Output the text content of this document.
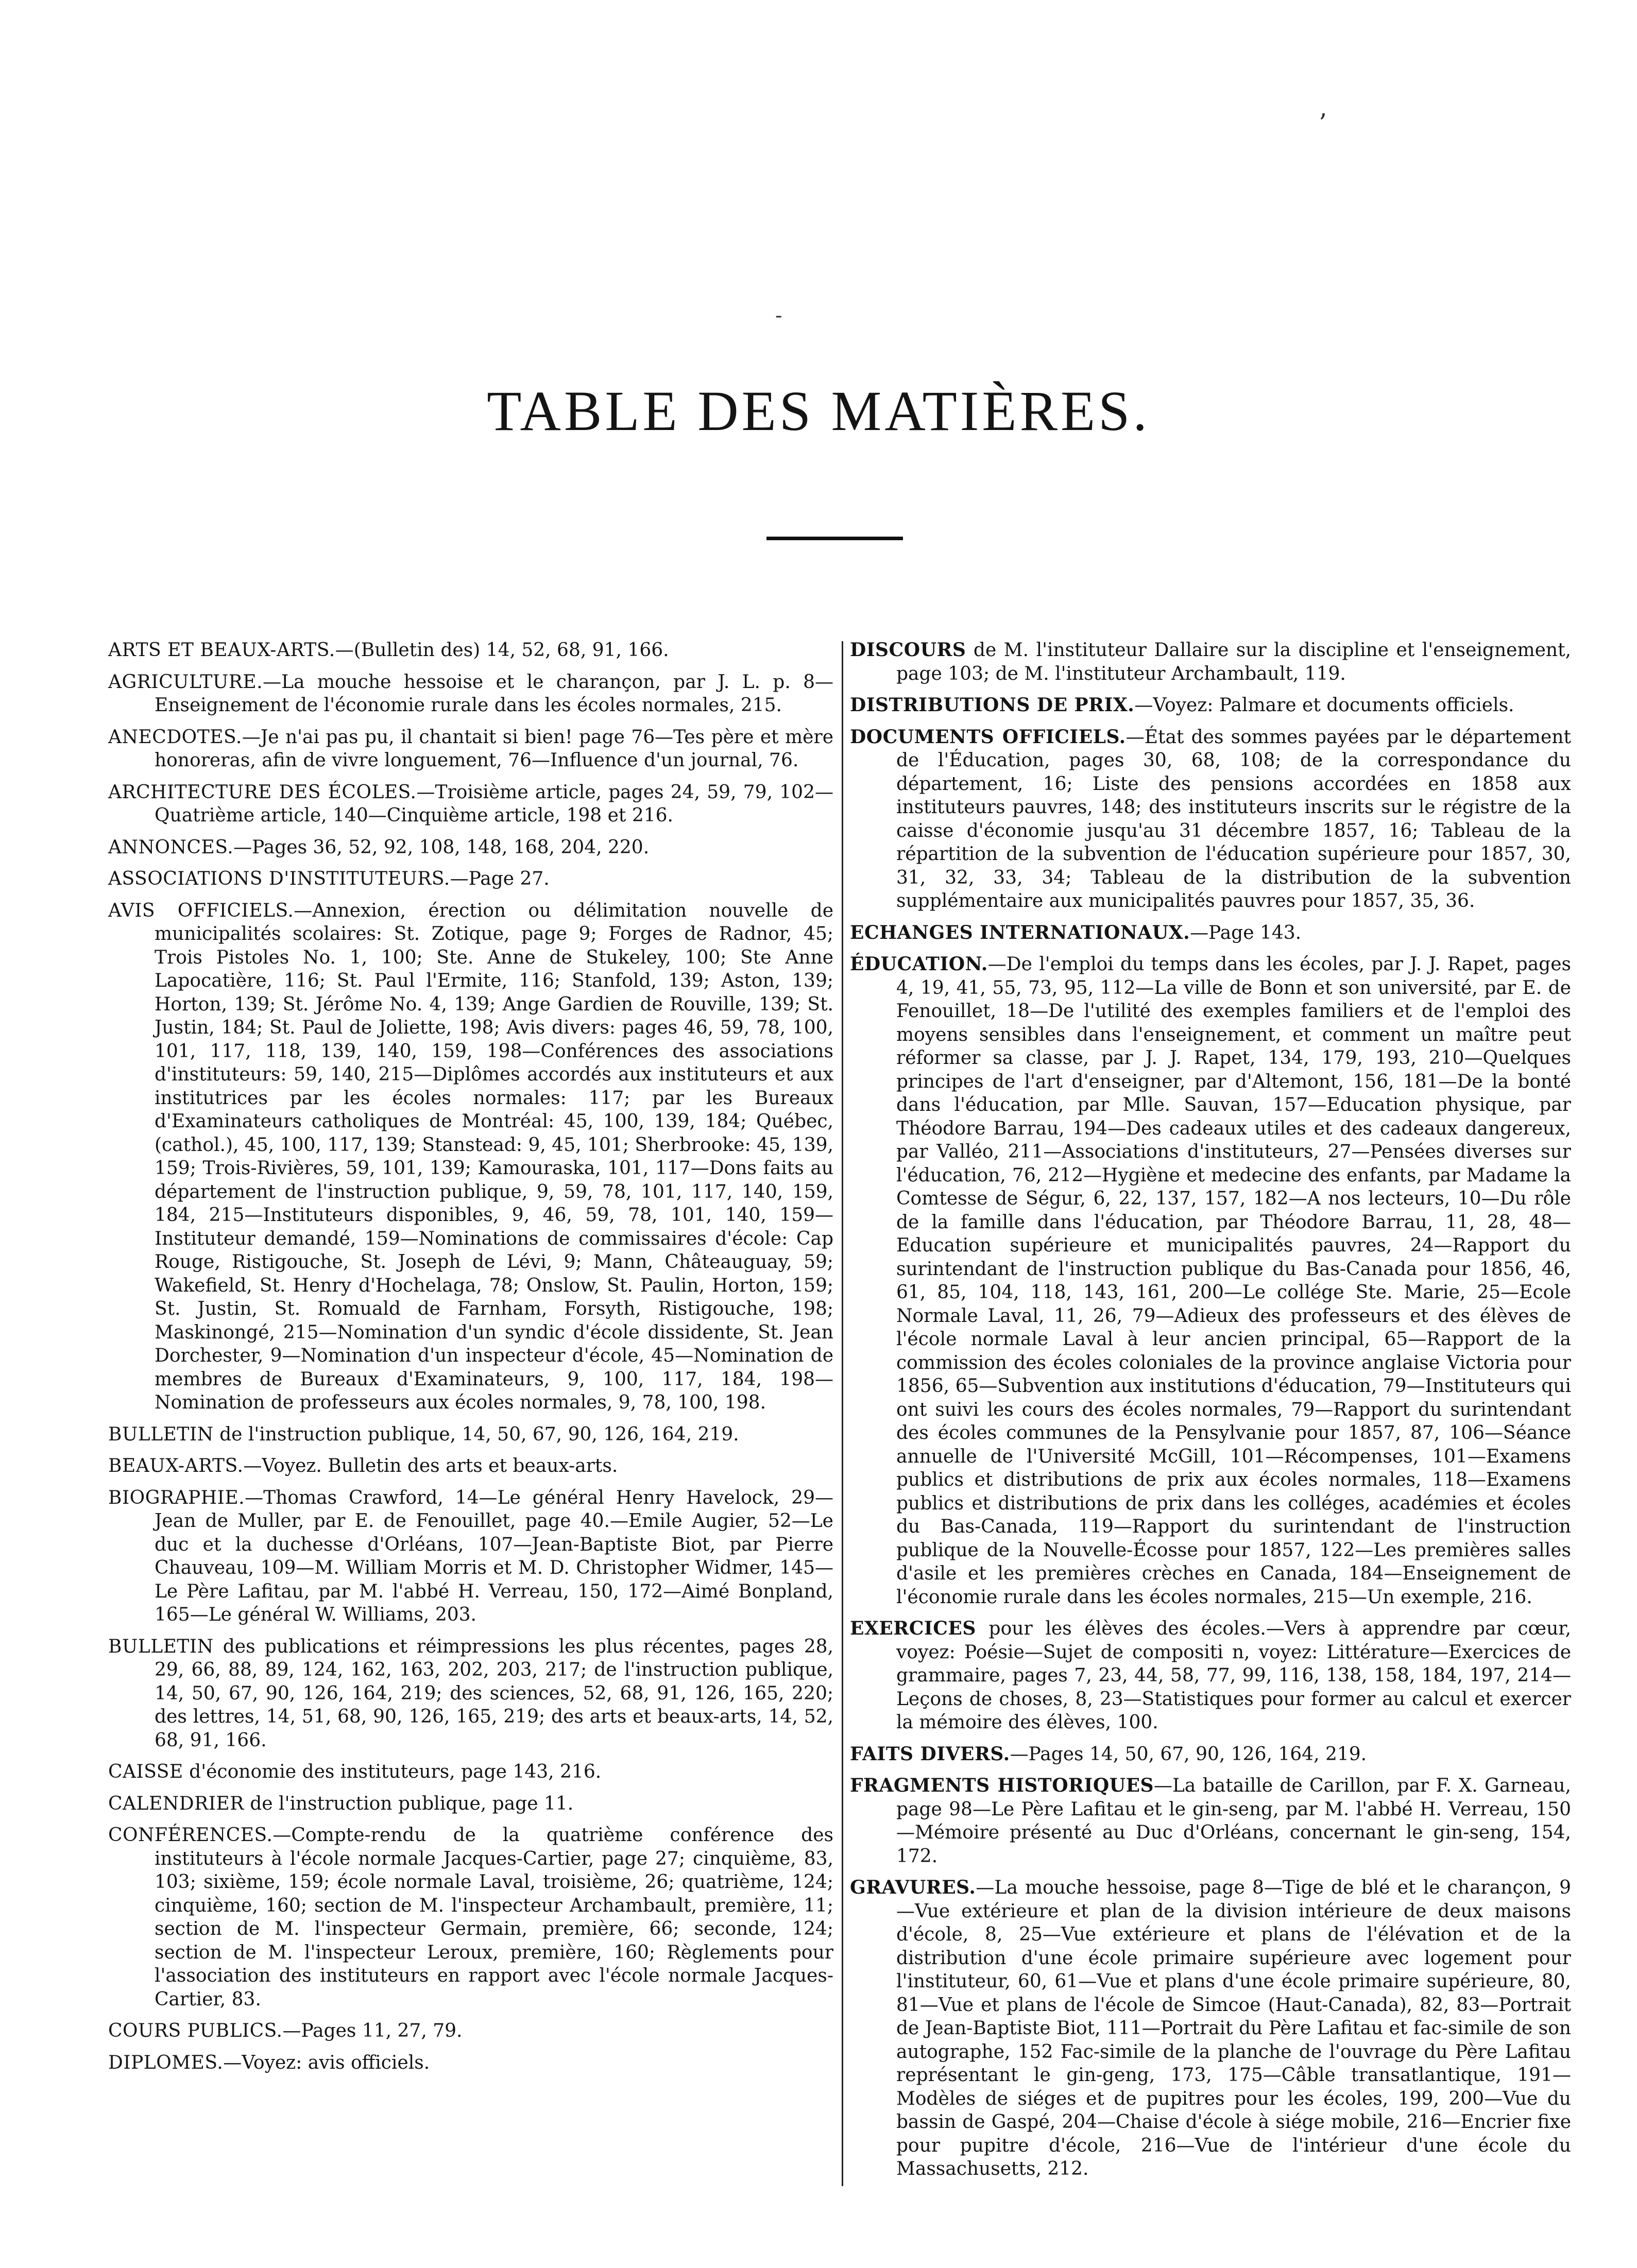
’
‐
TABLE DES MATIÈRES.

ARTS ET BEAUX-ARTS.—(Bulletin des) 14, 52, 68, 91, 166.

AGRICULTURE.—La mouche hessoise et le charançon, par J. L. p. 8—Enseignement de l'économie rurale dans les écoles normales, 215.

ANECDOTES.—Je n'ai pas pu, il chantait si bien! page 76—Tes père et mère honoreras, afin de vivre longuement, 76—Influence d'un journal, 76.

ARCHITECTURE DES ÉCOLES.—Troisième article, pages 24, 59, 79, 102—Quatrième article, 140—Cinquième article, 198 et 216.

ANNONCES.—Pages 36, 52, 92, 108, 148, 168, 204, 220.

ASSOCIATIONS D'INSTITUTEURS.—Page 27.

AVIS OFFICIELS.—Annexion, érection ou délimitation nouvelle de municipalités scolaires: St. Zotique, page 9; Forges de Radnor, 45; Trois Pistoles No. 1, 100; Ste. Anne de Stukeley, 100; Ste Anne Lapocatière, 116; St. Paul l'Ermite, 116; Stanfold, 139; Aston, 139; Horton, 139; St. Jérôme No. 4, 139; Ange Gardien de Rouville, 139; St. Justin, 184; St. Paul de Joliette, 198; Avis divers: pages 46, 59, 78, 100, 101, 117, 118, 139, 140, 159, 198—Conférences des associations d'instituteurs: 59, 140, 215—Diplômes accordés aux instituteurs et aux institutrices par les écoles normales: 117; par les Bureaux d'Examinateurs catholiques de Montréal: 45, 100, 139, 184; Québec, (cathol.), 45, 100, 117, 139; Stanstead: 9, 45, 101; Sherbrooke: 45, 139, 159; Trois-Rivières, 59, 101, 139; Kamouraska, 101, 117—Dons faits au département de l'instruction publique, 9, 59, 78, 101, 117, 140, 159, 184, 215—Instituteurs disponibles, 9, 46, 59, 78, 101, 140, 159—Instituteur demandé, 159—Nominations de commissaires d'école: Cap Rouge, Ristigouche, St. Joseph de Lévi, 9; Mann, Châteauguay, 59; Wakefield, St. Henry d'Hochelaga, 78; Onslow, St. Paulin, Horton, 159; St. Justin, St. Romuald de Farnham, Forsyth, Ristigouche, 198; Maskinongé, 215—Nomination d'un syndic d'école dissidente, St. Jean Dorchester, 9—Nomination d'un inspecteur d'école, 45—Nomination de membres de Bureaux d'Examinateurs, 9, 100, 117, 184, 198—Nomination de professeurs aux écoles normales, 9, 78, 100, 198.

BULLETIN de l'instruction publique, 14, 50, 67, 90, 126, 164, 219.

BEAUX-ARTS.—Voyez. Bulletin des arts et beaux-arts.

BIOGRAPHIE.—Thomas Crawford, 14—Le général Henry Havelock, 29—Jean de Muller, par E. de Fenouillet, page 40.—Emile Augier, 52—Le duc et la duchesse d'Orléans, 107—Jean-Baptiste Biot, par Pierre Chauveau, 109—M. William Morris et M. D. Christopher Widmer, 145—Le Père Lafitau, par M. l'abbé H. Verreau, 150, 172—Aimé Bonpland, 165—Le général W. Williams, 203.

BULLETIN des publications et réimpressions les plus récentes, pages 28, 29, 66, 88, 89, 124, 162, 163, 202, 203, 217; de l'instruction publique, 14, 50, 67, 90, 126, 164, 219; des sciences, 52, 68, 91, 126, 165, 220; des lettres, 14, 51, 68, 90, 126, 165, 219; des arts et beaux-arts, 14, 52, 68, 91, 166.

CAISSE d'économie des instituteurs, page 143, 216.

CALENDRIER de l'instruction publique, page 11.

CONFÉRENCES.—Compte-rendu de la quatrième conférence des instituteurs à l'école normale Jacques-Cartier, page 27; cinquième, 83, 103; sixième, 159; école normale Laval, troisième, 26; quatrième, 124; cinquième, 160; section de M. l'inspecteur Archambault, première, 11; section de M. l'inspecteur Germain, première, 66; seconde, 124; section de M. l'inspecteur Leroux, première, 160; Règlements pour l'association des instituteurs en rapport avec l'école normale Jacques-Cartier, 83.

COURS PUBLICS.—Pages 11, 27, 79.

DIPLOMES.—Voyez: avis officiels.

DISCOURS de M. l'instituteur Dallaire sur la discipline et l'enseignement, page 103; de M. l'instituteur Archambault, 119.

DISTRIBUTIONS DE PRIX.—Voyez: Palmare et documents officiels.

DOCUMENTS OFFICIELS.—État des sommes payées par le département de l'Éducation, pages 30, 68, 108; de la correspondance du département, 16; Liste des pensions accordées en 1858 aux instituteurs pauvres, 148; des instituteurs inscrits sur le régistre de la caisse d'économie jusqu'au 31 décembre 1857, 16; Tableau de la répartition de la subvention de l'éducation supérieure pour 1857, 30, 31, 32, 33, 34; Tableau de la distribution de la subvention supplémentaire aux municipalités pauvres pour 1857, 35, 36.

ECHANGES INTERNATIONAUX.—Page 143.

ÉDUCATION.—De l'emploi du temps dans les écoles, par J. J. Rapet, pages 4, 19, 41, 55, 73, 95, 112—La ville de Bonn et son université, par E. de Fenouillet, 18—De l'utilité des exemples familiers et de l'emploi des moyens sensibles dans l'enseignement, et comment un maître peut réformer sa classe, par J. J. Rapet, 134, 179, 193, 210—Quelques principes de l'art d'enseigner, par d'Altemont, 156, 181—De la bonté dans l'éducation, par Mlle. Sauvan, 157—Education physique, par Théodore Barrau, 194—Des cadeaux utiles et des cadeaux dangereux, par Valléo, 211—Associations d'instituteurs, 27—Pensées diverses sur l'éducation, 76, 212—Hygiène et medecine des enfants, par Madame la Comtesse de Ségur, 6, 22, 137, 157, 182—A nos lecteurs, 10—Du rôle de la famille dans l'éducation, par Théodore Barrau, 11, 28, 48—Education supérieure et municipalités pauvres, 24—Rapport du surintendant de l'instruction publique du Bas-Canada pour 1856, 46, 61, 85, 104, 118, 143, 161, 200—Le collége Ste. Marie, 25—Ecole Normale Laval, 11, 26, 79—Adieux des professeurs et des élèves de l'école normale Laval à leur ancien principal, 65—Rapport de la commission des écoles coloniales de la province anglaise Victoria pour 1856, 65—Subvention aux institutions d'éducation, 79—Instituteurs qui ont suivi les cours des écoles normales, 79—Rapport du surintendant des écoles communes de la Pensylvanie pour 1857, 87, 106—Séance annuelle de l'Université McGill, 101—Récompenses, 101—Examens publics et distributions de prix aux écoles normales, 118—Examens publics et distributions de prix dans les colléges, académies et écoles du Bas-Canada, 119—Rapport du surintendant de l'instruction publique de la Nouvelle-Écosse pour 1857, 122—Les premières salles d'asile et les premières crèches en Canada, 184—Enseignement de l'économie rurale dans les écoles normales, 215—Un exemple, 216.

EXERCICES pour les élèves des écoles.—Vers à apprendre par cœur, voyez: Poésie—Sujet de compositi n, voyez: Littérature—Exercices de grammaire, pages 7, 23, 44, 58, 77, 99, 116, 138, 158, 184, 197, 214—Leçons de choses, 8, 23—Statistiques pour former au calcul et exercer la mémoire des élèves, 100.

FAITS DIVERS.—Pages 14, 50, 67, 90, 126, 164, 219.

FRAGMENTS HISTORIQUES—La bataille de Carillon, par F. X. Garneau, page 98—Le Père Lafitau et le gin-seng, par M. l'abbé H. Verreau, 150—Mémoire présenté au Duc d'Orléans, concernant le gin-seng, 154, 172.

GRAVURES.—La mouche hessoise, page 8—Tige de blé et le charançon, 9—Vue extérieure et plan de la division intérieure de deux maisons d'école, 8, 25—Vue extérieure et plans de l'élévation et de la distribution d'une école primaire supérieure avec logement pour l'instituteur, 60, 61—Vue et plans d'une école primaire supérieure, 80, 81—Vue et plans de l'école de Simcoe (Haut-Canada), 82, 83—Portrait de Jean-Baptiste Biot, 111—Portrait du Père Lafitau et fac-simile de son autographe, 152 Fac-simile de la planche de l'ouvrage du Père Lafitau représentant le gin-geng, 173, 175—Câble transatlantique, 191—Modèles de siéges et de pupitres pour les écoles, 199, 200—Vue du bassin de Gaspé, 204—Chaise d'école à siége mobile, 216—Encrier fixe pour pupitre d'école, 216—Vue de l'intérieur d'une école du Massachusetts, 212.
